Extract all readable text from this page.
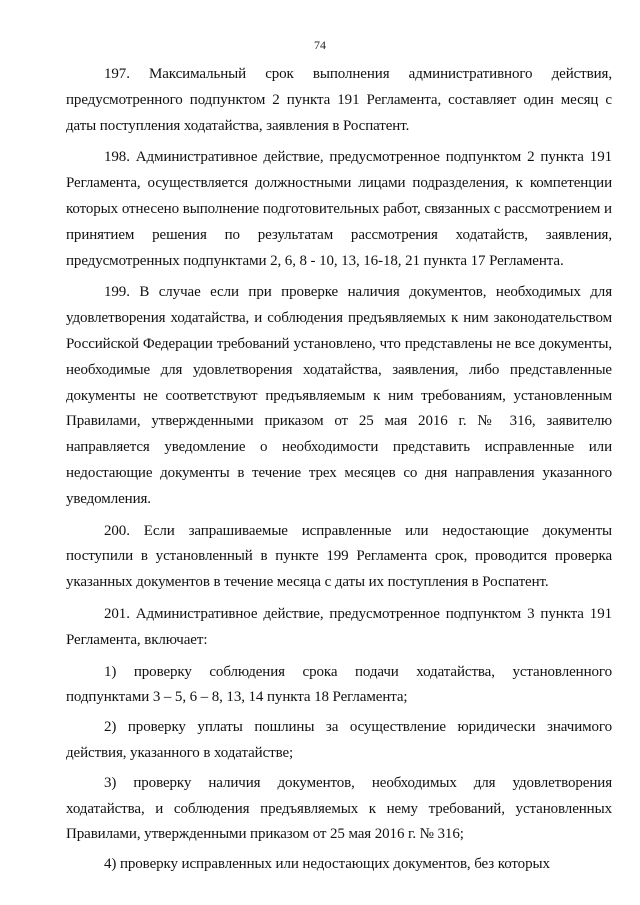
74

197. Максимальный срок выполнения административного действия, предусмотренного подпунктом 2 пункта 191 Регламента, составляет один месяц с даты поступления ходатайства, заявления в Роспатент.

198. Административное действие, предусмотренное подпунктом 2 пункта 191 Регламента, осуществляется должностными лицами подразделения, к компетенции которых отнесено выполнение подготовительных работ, связанных с рассмотрением и принятием решения по результатам рассмотрения ходатайств, заявления, предусмотренных подпунктами 2, 6, 8 - 10, 13, 16-18, 21 пункта 17 Регламента.

199. В случае если при проверке наличия документов, необходимых для удовлетворения ходатайства, и соблюдения предъявляемых к ним законодательством Российской Федерации требований установлено, что представлены не все документы, необходимые для удовлетворения ходатайства, заявления, либо представленные документы не соответствуют предъявляемым к ним требованиям, установленным Правилами, утвержденными приказом от 25 мая 2016 г. № 316, заявителю направляется уведомление о необходимости представить исправленные или недостающие документы в течение трех месяцев со дня направления указанного уведомления.

200. Если запрашиваемые исправленные или недостающие документы поступили в установленный в пункте 199 Регламента срок, проводится проверка указанных документов в течение месяца с даты их поступления в Роспатент.

201. Административное действие, предусмотренное подпунктом 3 пункта 191 Регламента, включает:

1) проверку соблюдения срока подачи ходатайства, установленного подпунктами 3 – 5, 6 – 8, 13, 14 пункта 18 Регламента;

2) проверку уплаты пошлины за осуществление юридически значимого действия, указанного в ходатайстве;

3) проверку наличия документов, необходимых для удовлетворения ходатайства, и соблюдения предъявляемых к нему требований, установленных Правилами, утвержденными приказом от 25 мая 2016 г. № 316;

4) проверку исправленных или недостающих документов, без которых
